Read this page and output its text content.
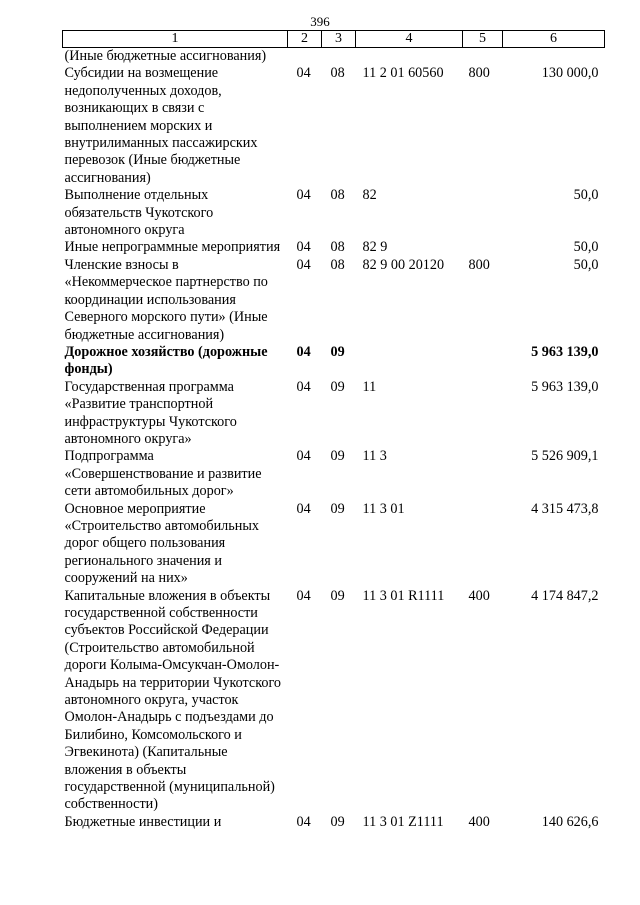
396
1	2	3	4	5	6
(Иные бюджетные ассигнования)					
Субсидии на возмещение недополученных доходов, возникающих в связи с выполнением морских и внутрилиманных пассажирских перевозок (Иные бюджетные ассигнования)	04	08	11 2 01 60560	800	130 000,0
Выполнение отдельных обязательств Чукотского автономного округа	04	08	82		50,0
Иные непрограммные мероприятия	04	08	82 9		50,0
Членские взносы в «Некоммерческое партнерство по координации использования Северного морского пути» (Иные бюджетные ассигнования)	04	08	82 9 00 20120	800	50,0
Дорожное хозяйство (дорожные фонды)	04	09			5 963 139,0
Государственная программа «Развитие транспортной инфраструктуры Чукотского автономного округа»	04	09	11		5 963 139,0
Подпрограмма «Совершенствование и развитие сети автомобильных дорог»	04	09	11 3		5 526 909,1
Основное мероприятие «Строительство автомобильных дорог общего пользования регионального значения и сооружений на них»	04	09	11 3 01		4 315 473,8
Капитальные вложения в объекты государственной собственности субъектов Российской Федерации (Строительство автомобильной дороги Колыма-Омсукчан-Омолон-Анадырь на территории Чукотского автономного округа, участок Омолон-Анадырь с подъездами до Билибино, Комсомольского и Эгвекинота) (Капитальные вложения в объекты государственной (муниципальной) собственности)	04	09	11 3 01 R1111	400	4 174 847,2
Бюджетные инвестиции и	04	09	11 3 01 Z1111	400	140 626,6
